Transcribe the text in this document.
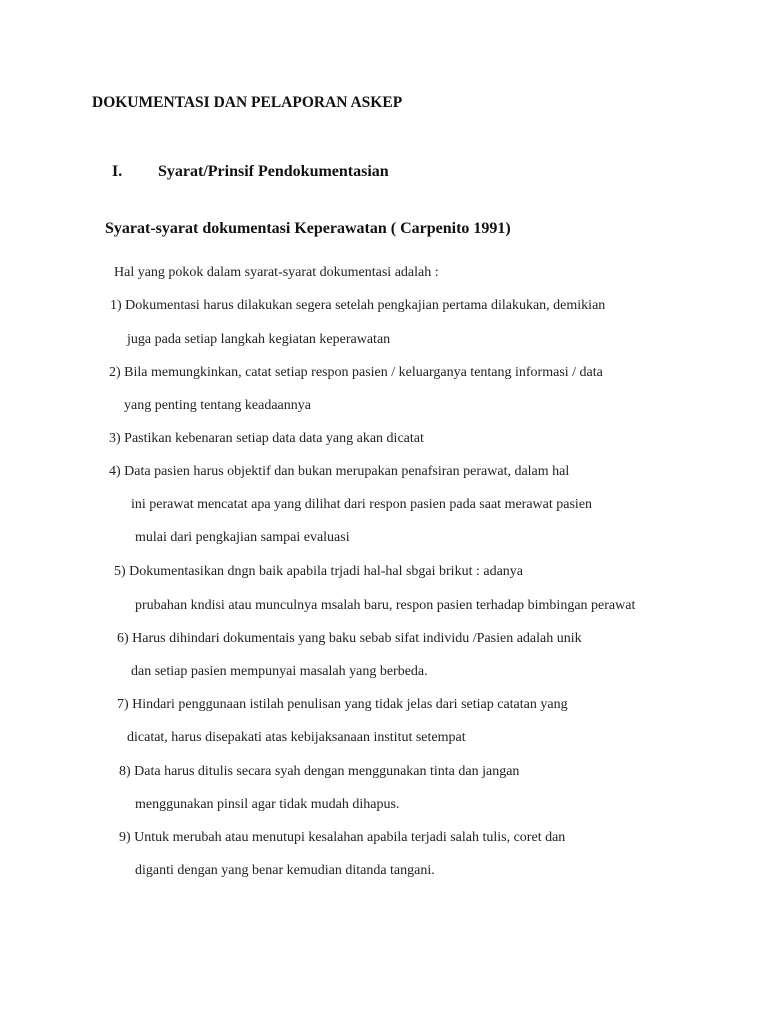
DOKUMENTASI DAN PELAPORAN ASKEP
I. Syarat/Prinsif Pendokumentasian
Syarat-syarat dokumentasi Keperawatan ( Carpenito 1991)
Hal yang pokok dalam syarat-syarat dokumentasi adalah :
1) Dokumentasi harus dilakukan segera setelah pengkajian pertama dilakukan, demikian
juga pada setiap langkah kegiatan keperawatan
2) Bila memungkinkan, catat setiap respon pasien / keluarganya tentang informasi / data
yang penting tentang keadaannya
3) Pastikan kebenaran setiap data data yang akan dicatat
4) Data pasien harus objektif dan bukan merupakan penafsiran perawat, dalam hal
ini perawat mencatat apa yang dilihat dari respon pasien pada saat merawat pasien
mulai dari pengkajian sampai evaluasi
5) Dokumentasikan dngn baik apabila trjadi hal-hal sbgai brikut : adanya
prubahan kndisi atau munculnya msalah baru, respon pasien terhadap bimbingan perawat
6) Harus dihindari dokumentais yang baku sebab sifat individu /Pasien adalah unik
dan setiap pasien mempunyai masalah yang berbeda.
7) Hindari penggunaan istilah penulisan yang tidak jelas dari setiap catatan yang
dicatat, harus disepakati atas kebijaksanaan institut setempat
8) Data harus ditulis secara syah dengan menggunakan tinta dan jangan
menggunakan pinsil agar tidak mudah dihapus.
9) Untuk merubah atau menutupi kesalahan apabila terjadi salah tulis, coret dan
diganti dengan yang benar kemudian ditanda tangani.
